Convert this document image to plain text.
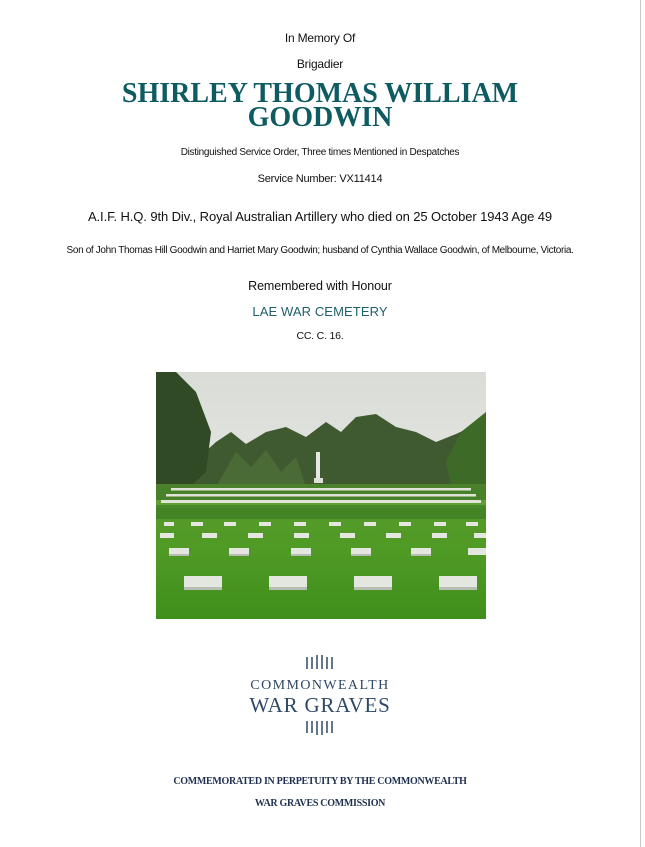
In Memory Of
Brigadier
SHIRLEY THOMAS WILLIAM
GOODWIN
Distinguished Service Order, Three times Mentioned in Despatches
Service Number: VX11414
A.I.F. H.Q. 9th Div., Royal Australian Artillery who died on 25 October 1943 Age 49
Son of John Thomas Hill Goodwin and Harriet Mary Goodwin; husband of Cynthia Wallace Goodwin, of Melbourne, Victoria.
Remembered with Honour
LAE WAR CEMETERY
CC. C. 16.
COMMONWEALTH
WAR GRAVES
COMMEMORATED IN PERPETUITY BY THE COMMONWEALTH
WAR GRAVES COMMISSION
